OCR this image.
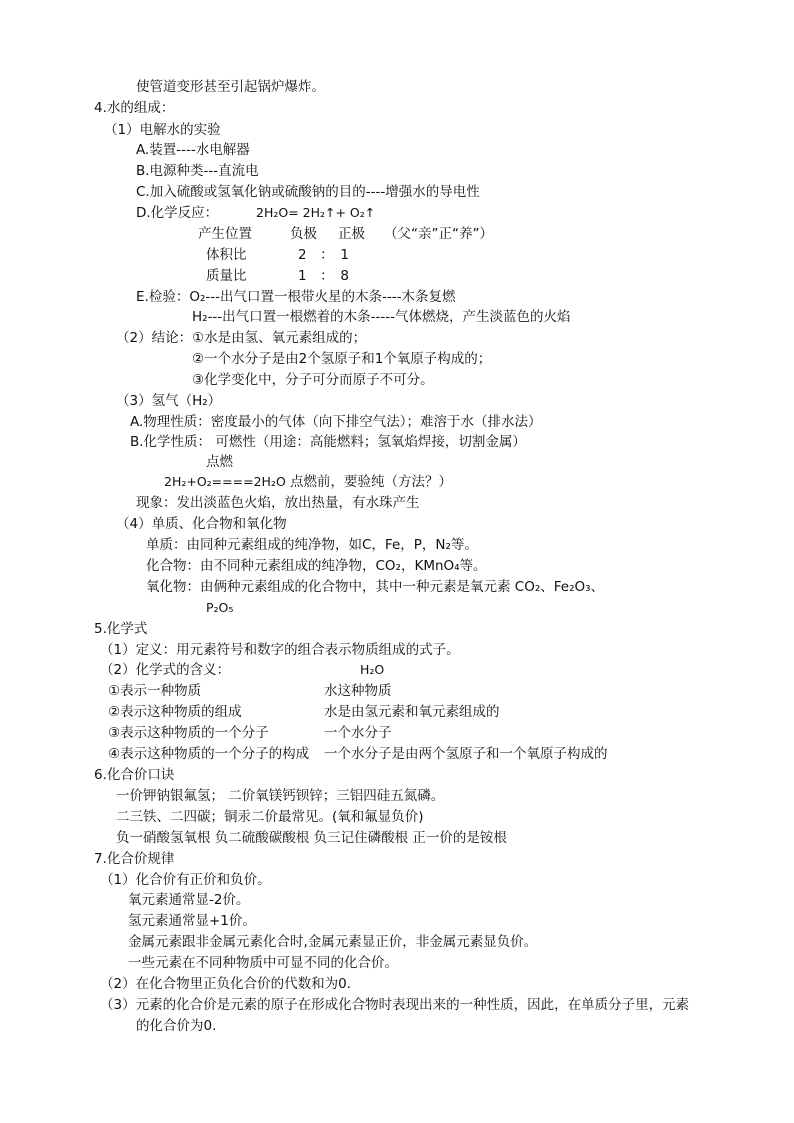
使管道变形甚至引起锅炉爆炸。
4.水的组成：
（1）电解水的实验
A.装置----水电解器
B.电源种类---直流电
C.加入硫酸或氢氧化钠或硫酸钠的目的----增强水的导电性
D.化学反应：	2H₂O= 2H₂↑+ O₂↑
产生位置	负极 正极 （父“亲”正“养”）
体积比	2　：　1
质量比	1　：　8
E.检验：O₂---出气口置一根带火星的木条----木条复燃
H₂---出气口置一根燃着的木条-----气体燃烧，产生淡蓝色的火焰
（2）结论： ①水是由氢、氧元素组成的；
②一个水分子是由2个氢原子和1个氧原子构成的；
③化学变化中，分子可分而原子不可分。
（3）氢气（H₂）
A.物理性质：密度最小的气体（向下排空气法）；难溶于水（排水法）
B.化学性质： 可燃性（用途：高能燃料；氢氧焰焊接，切割金属）
点燃
2H₂+O₂====2H₂O 点燃前，要验纯（方法？）
现象：发出淡蓝色火焰，放出热量，有水珠产生
（4）单质、化合物和氧化物
单质：由同种元素组成的纯净物，如C，Fe，P，N₂等。
化合物：由不同种元素组成的纯净物，CO₂，KMnO₄等。
氧化物：由俩种元素组成的化合物中，其中一种元素是氧元素 CO₂、Fe₂O₃、
P₂O₅
5.化学式
（1）定义：用元素符号和数字的组合表示物质组成的式子。
（2）化学式的含义：	H₂O
①表示一种物质	水这种物质
②表示这种物质的组成	水是由氢元素和氧元素组成的
③表示这种物质的一个分子	一个水分子
④表示这种物质的一个分子的构成 一个水分子是由两个氢原子和一个氧原子构成的
6.化合价口诀
一价钾钠银氟氢； 二价氧镁钙钡锌；三铝四硅五氮磷。
二三铁、二四碳；铜汞二价最常见。(氧和氟显负价)
负一硝酸氢氧根 负二硫酸碳酸根 负三记住磷酸根 正一价的是铵根
7.化合价规律
（1）化合价有正价和负价。
氧元素通常显-2价。
氢元素通常显+1价。
金属元素跟非金属元素化合时,金属元素显正价，非金属元素显负价。
一些元素在不同种物质中可显不同的化合价。
（2）在化合物里正负化合价的代数和为0.
（3）元素的化合价是元素的原子在形成化合物时表现出来的一种性质，因此，在单质分子里，元素
的化合价为0.
